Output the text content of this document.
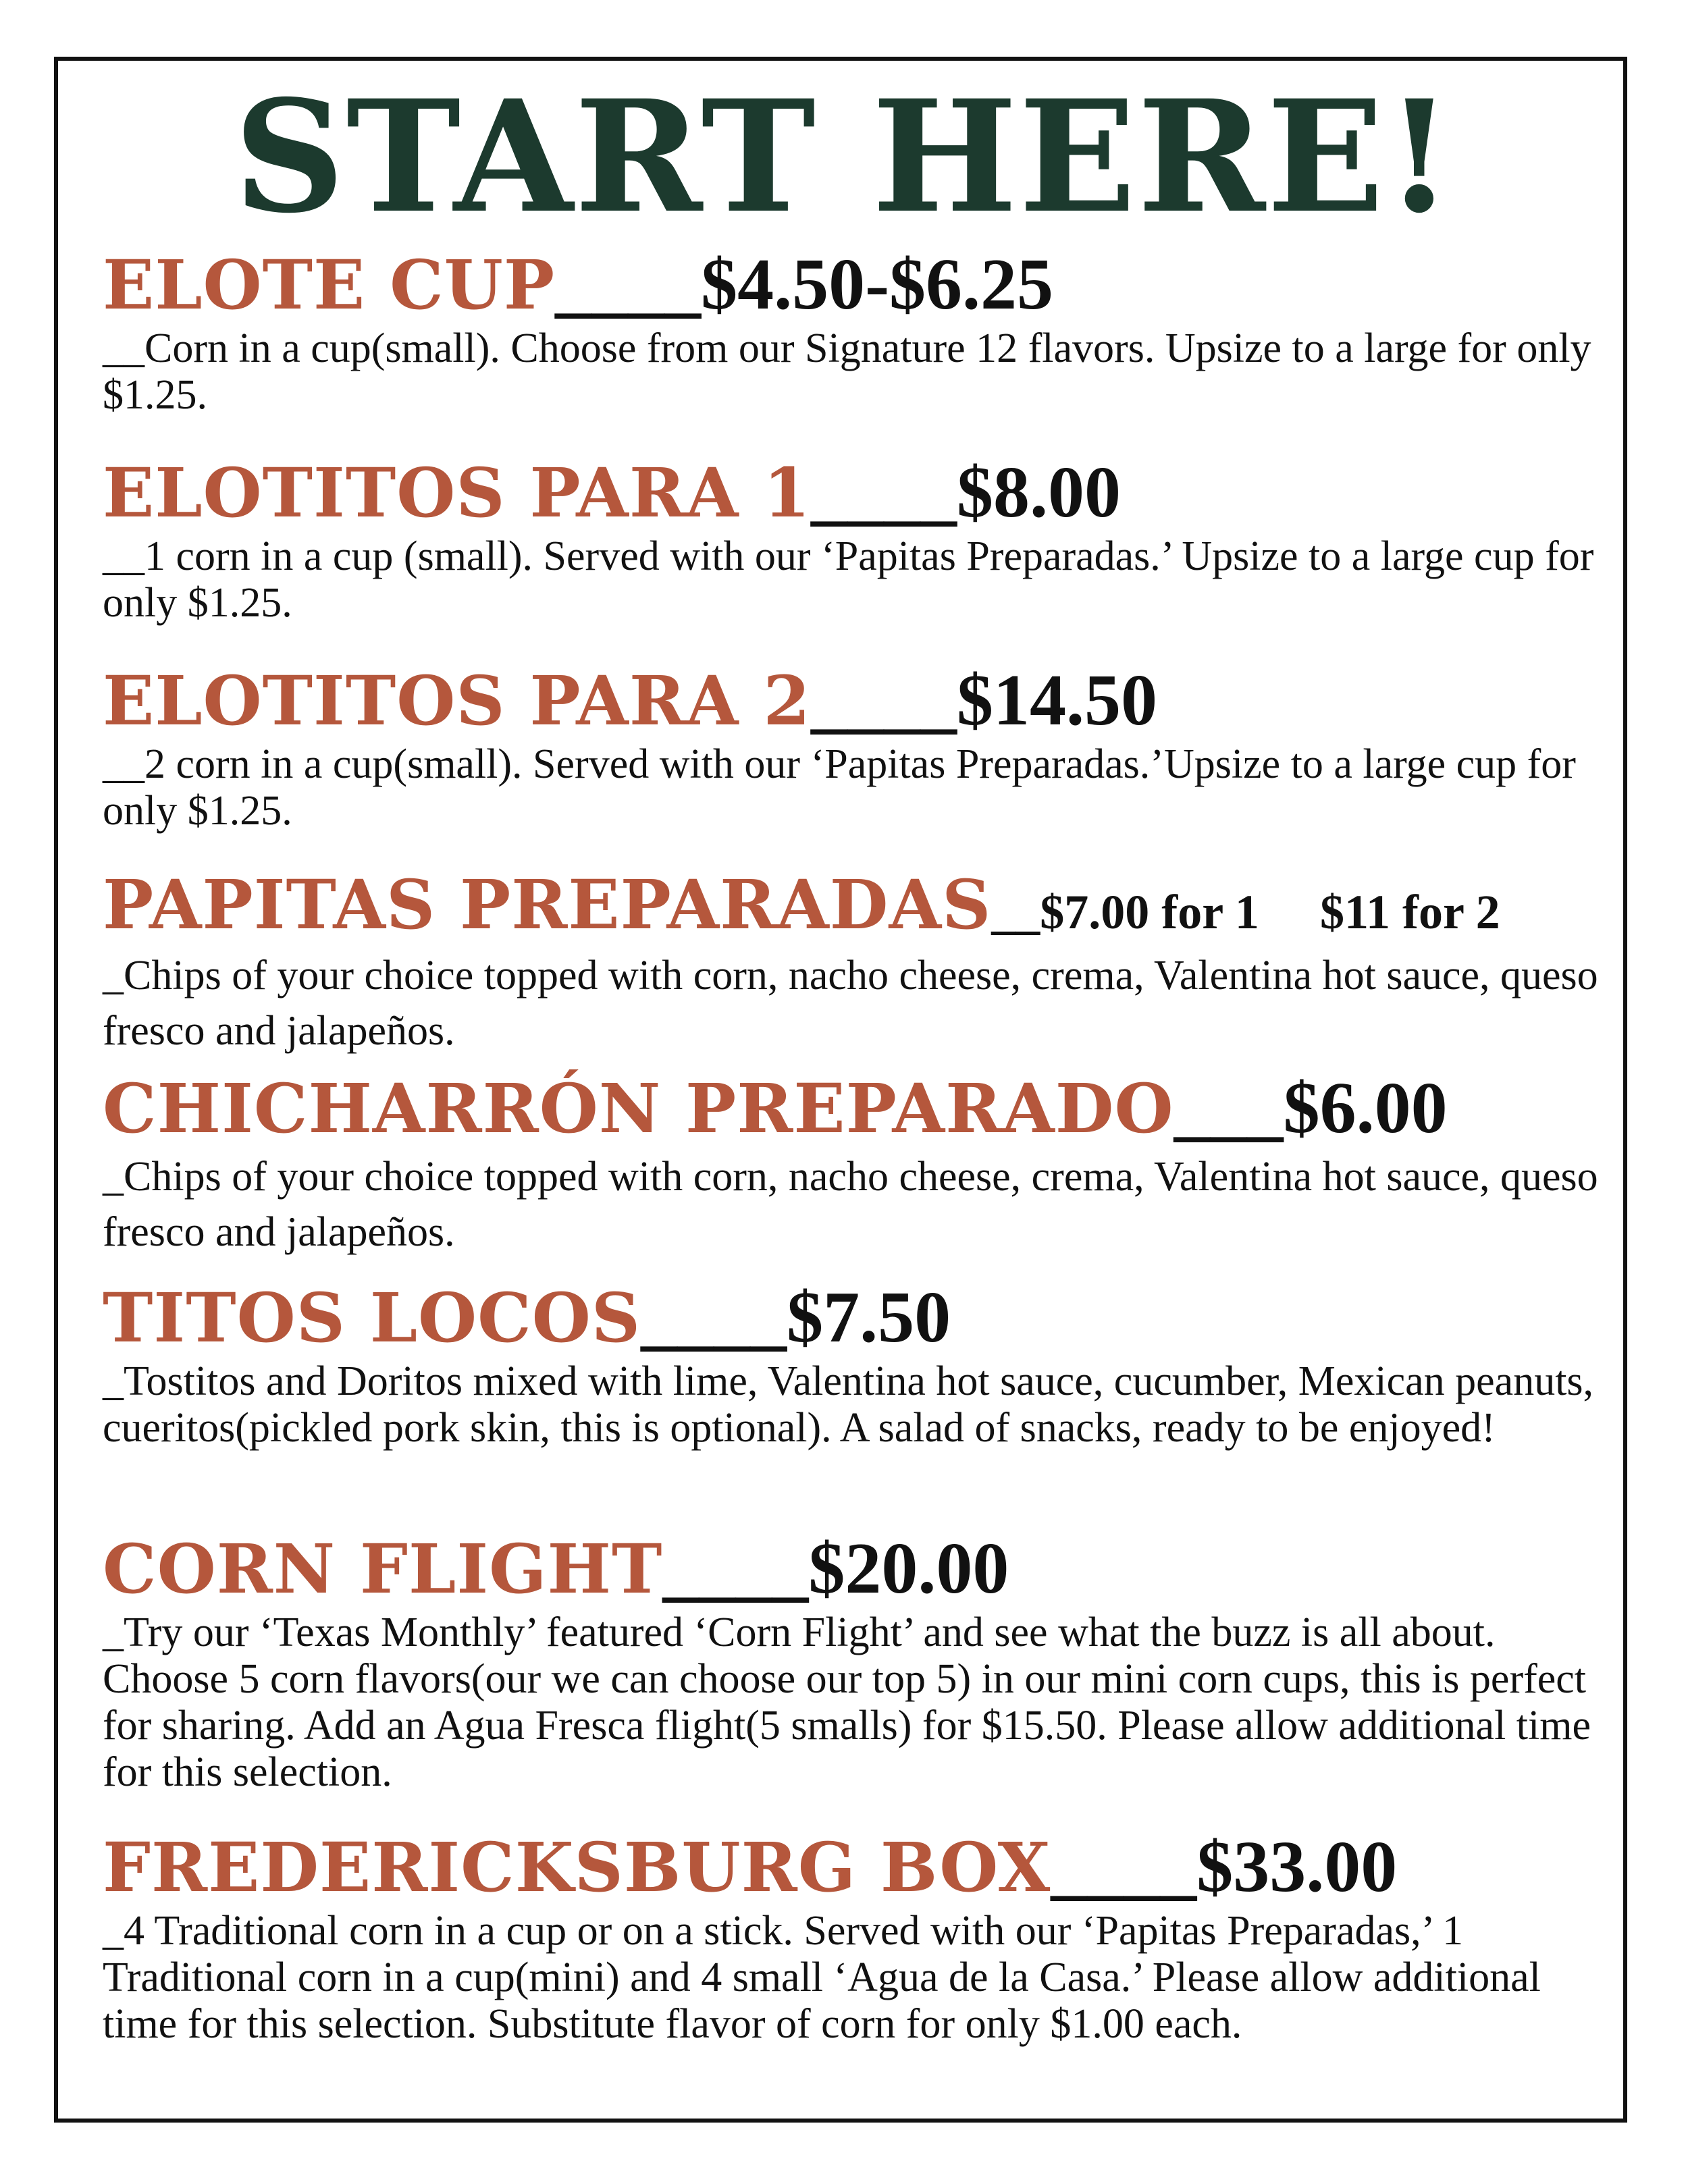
START HERE!
ELOTE CUP____$4.50-$6.25
__Corn in a cup(small). Choose from our Signature 12 flavors. Upsize to a large for only $1.25.
ELOTITOS PARA 1____$8.00
__1 corn in a cup (small). Served with our ‘Papitas Preparadas.’ Upsize to a large cup for only $1.25.
ELOTITOS PARA 2____$14.50
__2 corn in a cup(small). Served with our ‘Papitas Preparadas.’Upsize to a large cup for only $1.25.
PAPITAS PREPARADAS__$7.00 for 1 $11 for 2
_Chips of your choice topped with corn, nacho cheese, crema, Valentina hot sauce, queso fresco and jalapeños.
CHICHARRÓN PREPARADO___$6.00
_Chips of your choice topped with corn, nacho cheese, crema, Valentina hot sauce, queso fresco and jalapeños.
TITOS LOCOS____$7.50
_Tostitos and Doritos mixed with lime, Valentina hot sauce, cucumber, Mexican peanuts, cueritos(pickled pork skin, this is optional). A salad of snacks, ready to be enjoyed!
CORN FLIGHT____$20.00
_Try our ‘Texas Monthly’ featured ‘Corn Flight’ and see what the buzz is all about. Choose 5 corn flavors(our we can choose our top 5) in our mini corn cups, this is perfect for sharing. Add an Agua Fresca flight(5 smalls) for $15.50. Please allow additional time for this selection.
FREDERICKSBURG BOX____$33.00
_4 Traditional corn in a cup or on a stick. Served with our ‘Papitas Preparadas,’ 1 Traditional corn in a cup(mini) and 4 small ‘Agua de la Casa.’ Please allow additional time for this selection. Substitute flavor of corn for only $1.00 each.
